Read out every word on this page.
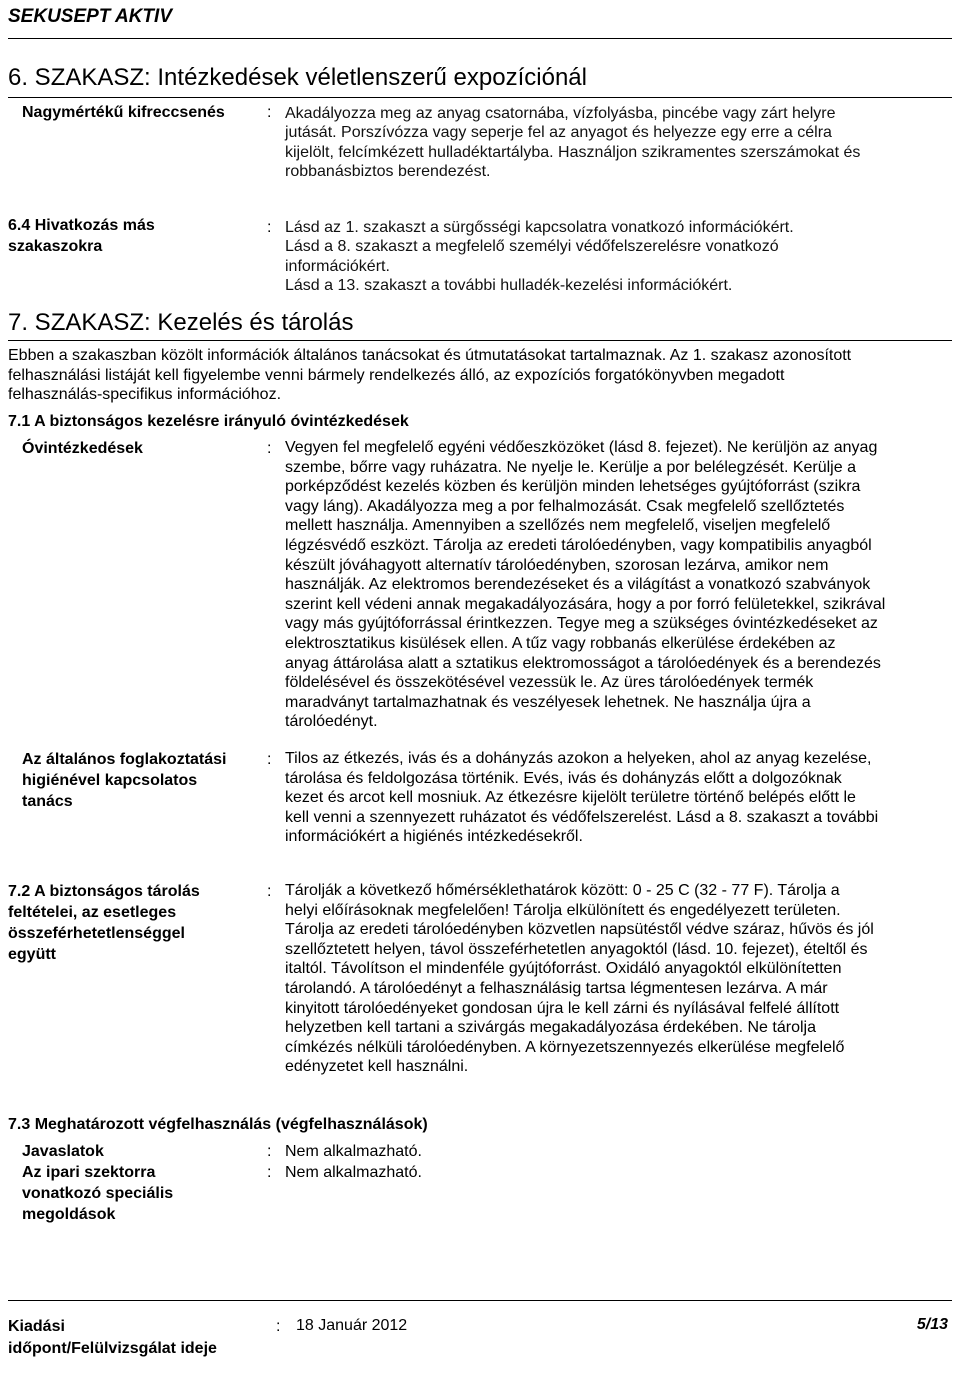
SEKUSEPT AKTIV
6. SZAKASZ: Intézkedések véletlenszerű expozíciónál
Nagymértékű kifreccsenés	: Akadályozza meg az anyag csatornába, vízfolyásba, pincébe vagy zárt helyre
jutását. Porszívózza vagy seperje fel az anyagot és helyezze egy erre a célra
kijelölt, felcímkézett hulladéktartályba. Használjon szikramentes szerszámokat és
robbanásbiztos berendezést.
6.4 Hivatkozás más
szakaszokra
: Lásd az 1. szakaszt a sürgősségi kapcsolatra vonatkozó információkért.
Lásd a 8. szakaszt a megfelelő személyi védőfelszerelésre vonatkozó
információkért.
Lásd a 13. szakaszt a további hulladék-kezelési információkért.
7. SZAKASZ: Kezelés és tárolás
Ebben a szakaszban közölt információk általános tanácsokat és útmutatásokat tartalmaznak. Az 1. szakasz azonosított
felhasználási listáját kell figyelembe venni bármely rendelkezés álló, az expozíciós forgatókönyvben megadott
felhasználás-specifikus információhoz.
7.1 A biztonságos kezelésre irányuló óvintézkedések
Óvintézkedések	: Vegyen fel megfelelő egyéni védőeszközöket (lásd 8. fejezet). Ne kerüljön az anyag
szembe, bőrre vagy ruházatra. Ne nyelje le. Kerülje a por belélegzését. Kerülje a
porképződést kezelés közben és kerüljön minden lehetséges gyújtóforrást (szikra
vagy láng). Akadályozza meg a por felhalmozását. Csak megfelelő szellőztetés
mellett használja. Amennyiben a szellőzés nem megfelelő, viseljen megfelelő
légzésvédő eszközt. Tárolja az eredeti tárolóedényben, vagy kompatibilis anyagból
készült jóváhagyott alternatív tárolóedényben, szorosan lezárva, amikor nem
használják. Az elektromos berendezéseket és a világítást a vonatkozó szabványok
szerint kell védeni annak megakadályozására, hogy a por forró felületekkel, szikrával
vagy más gyújtóforrással érintkezzen. Tegye meg a szükséges óvintézkedéseket az
elektrosztatikus kisülések ellen. A tűz vagy robbanás elkerülése érdekében az
anyag áttárolása alatt a sztatikus elektromosságot a tárolóedények és a berendezés
földelésével és összekötésével vezessük le. Az üres tárolóedények termék
maradványt tartalmazhatnak és veszélyesek lehetnek. Ne használja újra a
tárolóedényt.
Az általános foglakoztatási
higiénével kapcsolatos
tanács
: Tilos az étkezés, ivás és a dohányzás azokon a helyeken, ahol az anyag kezelése,
tárolása és feldolgozása történik. Evés, ivás és dohányzás előtt a dolgozóknak
kezet és arcot kell mosniuk. Az étkezésre kijelölt területre történő belépés előtt le
kell venni a szennyezett ruházatot és védőfelszerelést. Lásd a 8. szakaszt a további
információkért a higiénés intézkedésekről.
7.2 A biztonságos tárolás
feltételei, az esetleges
összeférhetetlenséggel
együtt
: Tárolják a következő hőmérséklethatárok között: 0 - 25 C (32 - 77 F). Tárolja a
helyi előírásoknak megfelelően! Tárolja elkülönített és engedélyezett területen.
Tárolja az eredeti tárolóedényben közvetlen napsütéstől védve száraz, hűvös és jól
szellőztetett helyen, távol összeférhetetlen anyagoktól (lásd. 10. fejezet), ételtől és
italtól. Távolítson el mindenféle gyújtóforrást. Oxidáló anyagoktól elkülönítetten
tárolandó. A tárolóedényt a felhasználásig tartsa légmentesen lezárva. A már
kinyitott tárolóedényeket gondosan újra le kell zárni és nyílásával felfelé állított
helyzetben kell tartani a szivárgás megakadályozása érdekében. Ne tárolja
címkézés nélküli tárolóedényben. A környezetszennyezés elkerülése megfelelő
edényzetet kell használni.
7.3 Meghatározott végfelhasználás (végfelhasználások)
Javaslatok	: Nem alkalmazható.
Az ipari szektorra
vonatkozó speciális
megoldások
: Nem alkalmazható.
Kiadási
időpont/Felülvizsgálat ideje
: 18 Január 2012	5/13
